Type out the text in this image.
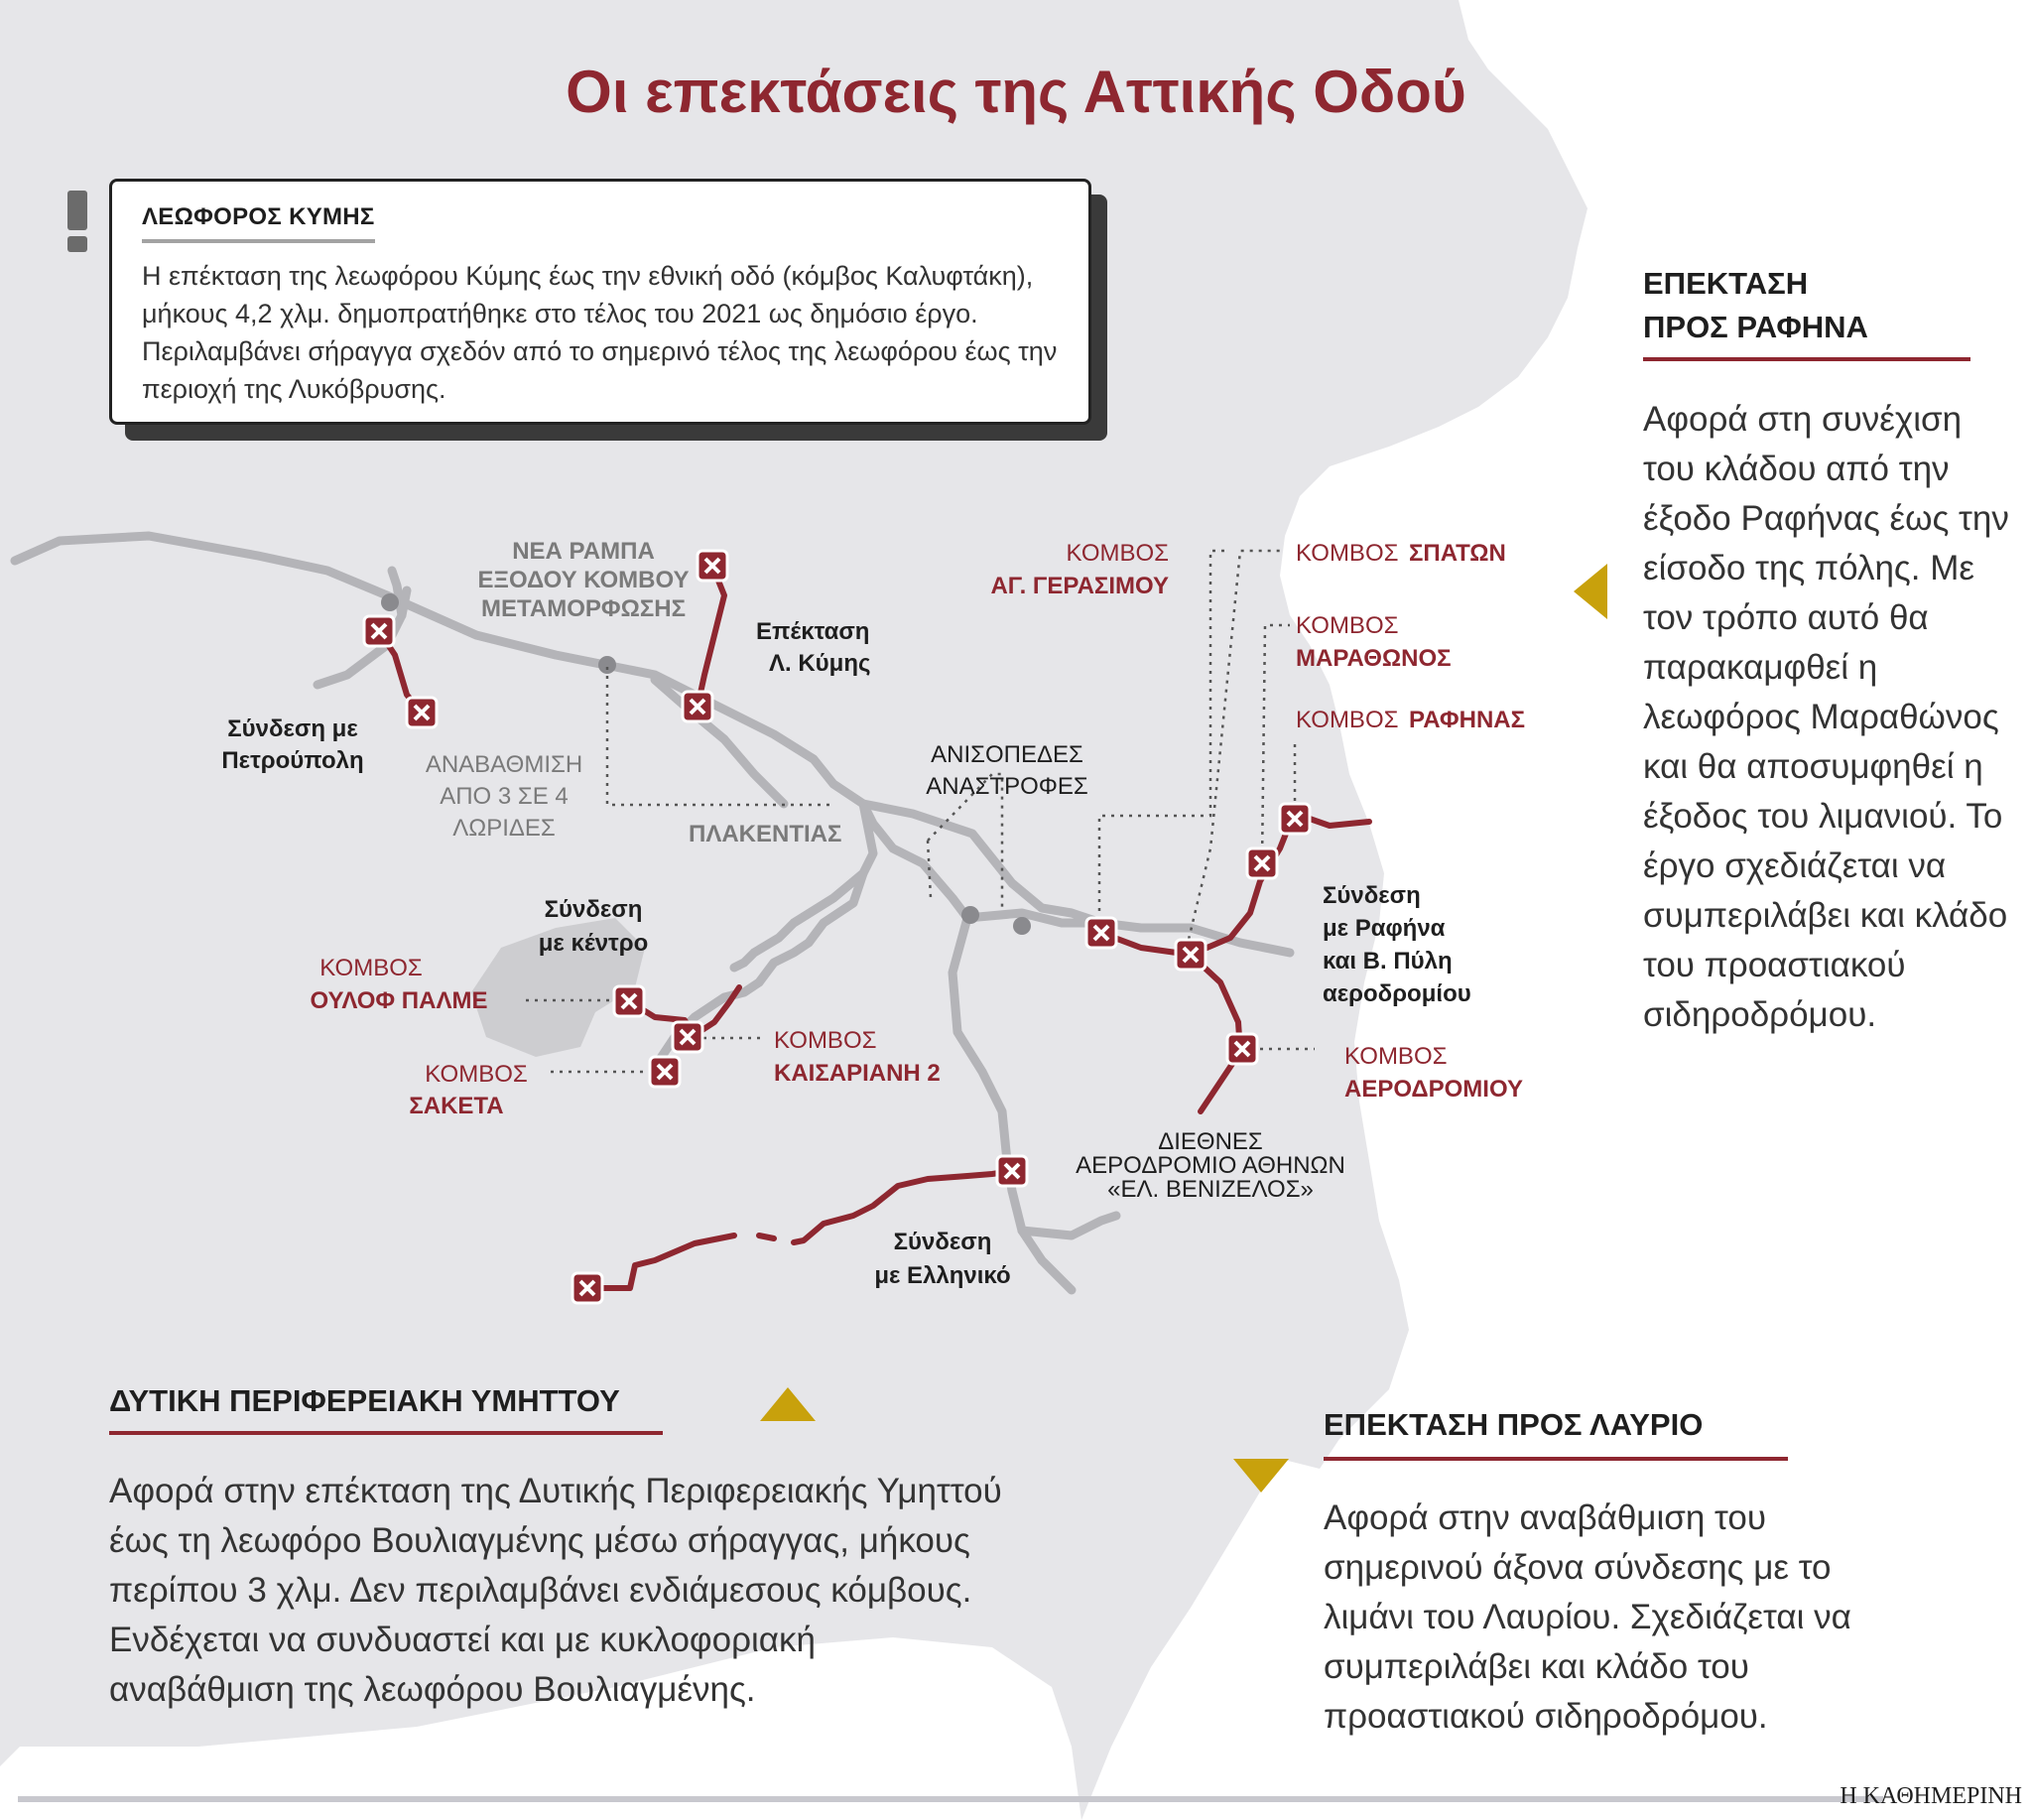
ΝΕΑ ΡΑΜΠΑ
ΕΞΟΔΟΥ ΚΟΜΒΟΥ
ΜΕΤΑΜΟΡΦΩΣΗΣ
Επέκταση
Λ. Κύμης
Σύνδεση με
Πετρούπολη	ΑΝΑΒΑΘΜΙΣΗ
ΑΠΟ 3 ΣΕ 4
ΛΩΡΙΔΕΣ	ΠΛΑΚΕΝΤΙΑΣ
ΑΝΙΣΟΠΕΔΕΣ
ΑΝΑΣΤΡΟΦΕΣ
Σύνδεση
με κέντρο
ΚΟΜΒΟΣ
ΟΥΛΟΦ ΠΑΛΜΕ
ΚΟΜΒΟΣ
ΚΑΙΣΑΡΙΑΝΗ 2
ΚΟΜΒΟΣ
ΣΑΚΕΤΑ
ΚΟΜΒΟΣ
ΑΓ. ΓΕΡΑΣΙΜΟΥ
ΚΟΜΒΟΣ ΣΠΑΤΩΝ
ΚΟΜΒΟΣ
ΜΑΡΑΘΩΝΟΣ
ΚΟΜΒΟΣ ΡΑΦΗΝΑΣ
Σύνδεση
με Ραφήνα
και Β. Πύλη
αεροδρομίου
ΚΟΜΒΟΣ
ΑΕΡΟΔΡΟΜΙΟΥ
ΔΙΕΘΝΕΣ
ΑΕΡΟΔΡΟΜΙΟ ΑΘΗΝΩΝ
«ΕΛ. ΒΕΝΙΖΕΛΟΣ»
Σύνδεση
με Ελληνικό
Οι επεκτάσεις της Αττικής Οδού
ΛΕΩΦΟΡΟΣ ΚΥΜΗΣ

Η επέκταση της λεωφόρου Κύμης έως την εθνική οδό (κόμβος Καλυφτάκη), μήκους 4,2 χλμ. δημοπρατήθηκε στο τέλος του 2021 ως δημόσιο έργο. Περιλαμβάνει σήραγγα σχεδόν από το σημερινό τέλος της λεωφόρου έως την περιοχή της Λυκόβρυσης.

ΕΠΕΚΤΑΣΗ
ΠΡΟΣ ΡΑΦΗΝΑ
Αφορά στη συνέχιση του κλάδου από την έξοδο Ραφήνας έως την είσοδο της πόλης. Με τον τρόπο αυτό θα παρακαμφθεί η λεωφόρος Μαραθώνος και θα αποσυμφηθεί η έξοδος του λιμανιού. Το έργο σχεδιάζεται να συμπεριλάβει και κλάδο του προαστιακού σιδηροδρόμου.
ΔΥΤΙΚΗ ΠΕΡΙΦΕΡΕΙΑΚΗ ΥΜΗΤΤΟΥ
Αφορά στην επέκταση της Δυτικής Περιφερειακής Υμηττού έως τη λεωφόρο Βουλιαγμένης μέσω σήραγγας, μήκους περίπου 3 χλμ. Δεν περιλαμβάνει ενδιάμεσους κόμβους. Ενδέχεται να συνδυαστεί και με κυκλοφοριακή αναβάθμιση της λεωφόρου Βουλιαγμένης.
ΕΠΕΚΤΑΣΗ ΠΡΟΣ ΛΑΥΡΙΟ
Αφορά στην αναβάθμιση του σημερινού άξονα σύνδεσης με το λιμάνι του Λαυρίου. Σχεδιάζεται να συμπεριλάβει και κλάδο του προαστιακού σιδηροδρόμου.
Η ΚΑΘΗΜΕΡΙΝΗ
